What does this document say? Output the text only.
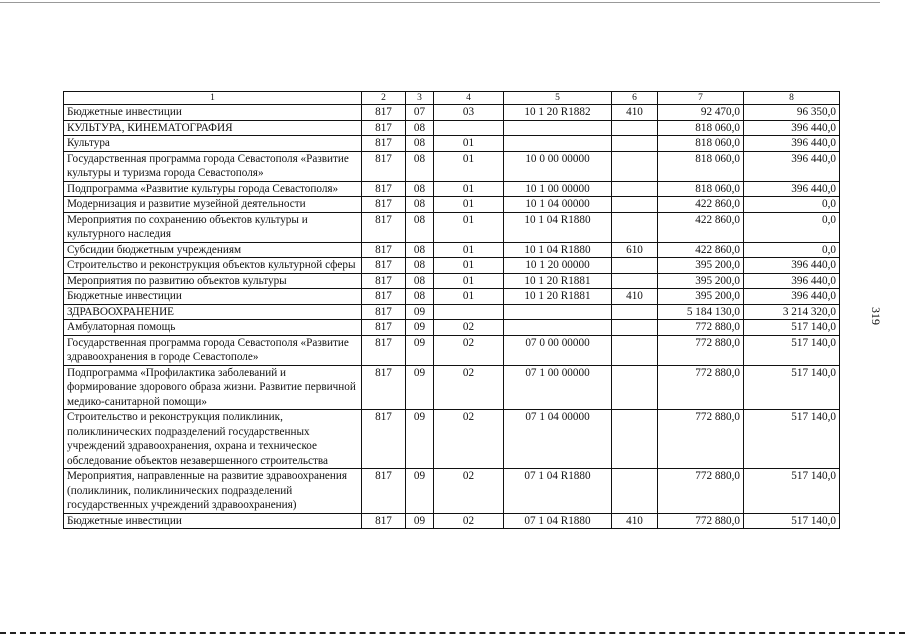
1	2	3	4	5	6	7	8
Бюджетные инвестиции	817	07	03	10 1 20 R1882	410	92 470,0	96 350,0
КУЛЬТУРА, КИНЕМАТОГРАФИЯ	817	08				818 060,0	396 440,0
Культура	817	08	01			818 060,0	396 440,0
Государственная программа города Севастополя «Развитие культуры и туризма города Севастополя»	817	08	01	10 0 00 00000		818 060,0	396 440,0
Подпрограмма «Развитие культуры города Севастополя»	817	08	01	10 1 00 00000		818 060,0	396 440,0
Модернизация и развитие музейной деятельности	817	08	01	10 1 04 00000		422 860,0	0,0
Мероприятия по сохранению объектов культуры и культурного наследия	817	08	01	10 1 04 R1880		422 860,0	0,0
Субсидии бюджетным учреждениям	817	08	01	10 1 04 R1880	610	422 860,0	0,0
Строительство и реконструкция объектов культурной сферы	817	08	01	10 1 20 00000		395 200,0	396 440,0
Мероприятия по развитию объектов культуры	817	08	01	10 1 20 R1881		395 200,0	396 440,0
Бюджетные инвестиции	817	08	01	10 1 20 R1881	410	395 200,0	396 440,0
ЗДРАВООХРАНЕНИЕ	817	09				5 184 130,0	3 214 320,0
Амбулаторная помощь	817	09	02			772 880,0	517 140,0
Государственная программа города Севастополя «Развитие здравоохранения в городе Севастополе»	817	09	02	07 0 00 00000		772 880,0	517 140,0
Подпрограмма «Профилактика заболеваний и формирование здорового образа жизни. Развитие первичной медико-санитарной помощи»	817	09	02	07 1 00 00000		772 880,0	517 140,0
Строительство и реконструкция поликлиник, поликлинических подразделений государственных учреждений здравоохранения, охрана и техническое обследование объектов незавершенного строительства	817	09	02	07 1 04 00000		772 880,0	517 140,0
Мероприятия, направленные на развитие здравоохранения (поликлиник, поликлинических подразделений государственных учреждений здравоохранения)	817	09	02	07 1 04 R1880		772 880,0	517 140,0
Бюджетные инвестиции	817	09	02	07 1 04 R1880	410	772 880,0	517 140,0
319
